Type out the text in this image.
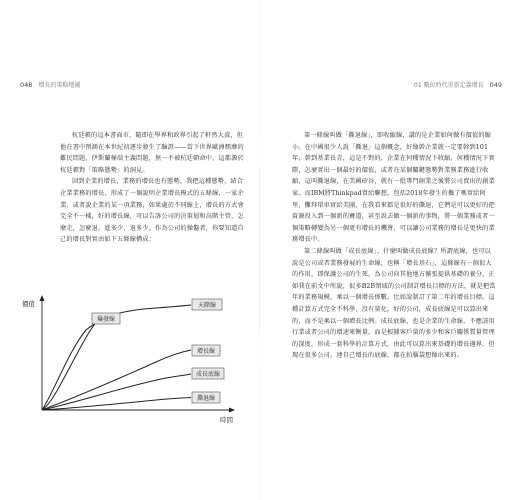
048 增長的策略地圖

杭廷頓的這本書面市，隨即在學界和政界引起了軒然大波，但他在書中預測在本世紀初逐步發生了驗證——當下世界歐洲頹靡的難民問題，伊斯蘭極端主義問題，無一不被杭廷頓命中，這都源於杭廷頓對「策略態勢」的洞見。

回到企業的增長，業務的增長也有態勢。我把這種態勢，結合企業業務的增長，形成了一個說明企業增長模式的五條線，一家企業，或者說企業的某一項業務，如果處於不同線上，增長的方式會完全不一樣，好的增長線，可以告訴公司的決策層和高階主管，怎麼走，怎麼退，進多少，退多少。作為公司的操盤者，你要知道自己的增長對實由如下五條線構成：

價值
時間
爆發線
天際線
增長線
成長底線
撕退線
01 數位時代重新定義增長 049

第一條線叫做「撕退線」，即收縮線，講的是企業如何做有價值的縮小。在中國很少人說「撕退」這個概念，好像幹企業就一定要幹到101年，幹到基業長青，這是不對的，企業在何種情況下收縮，何種情況下實際，怎麼實出一個最好的價值，或者在某個關鍵態勢對業務業務進行收縮，這叫撕退線，在美國矽谷，就有一批專門創業之後將公司賣出的創業家。而IBM將Thinkpad賣給聯想，包括2018年發生的攜了嗎實給阿里，攤拜單車實給美團，在我看來都是很好的撕退，它們是可以更好的把資源投入到一個新的賽道，甚至說去做一個新的事物，將一個業務或者一個策略轉變為另一個更有增長的機會，可以讓公司業務的增長是更快的業務增長中。

第二條線叫做「成長底線」，什麼叫做成長底線？所謂底線，也可以說是公司或者業務發展的生命線，也稱「增長基石」，這條線有一個很大的作用，即保護公司的生死，為公司向其他地方擴張提供基礎的養分，正如我在前文中所說，很多B2B領域的公司制訂增長目標的方法，就是把當年的業務規模，乘以一個增長係數。比如說制訂了第二年的增長目標，這種計算方式完全不科學，沒有量化，好的公司，成長底線是可以算出來的，而不是乘以一個增長比例。成長底線，也是企業的生命線，不應該用行業或者公司的增速來衡量，而是根據客戶量的多少和客戶關係質量管理的深度，形成一套科學的計算方式，由此可以算出來基礎的增長邊界，但現在很多公司，連自己增長的底線，都在拍腦袋想像出來的。
